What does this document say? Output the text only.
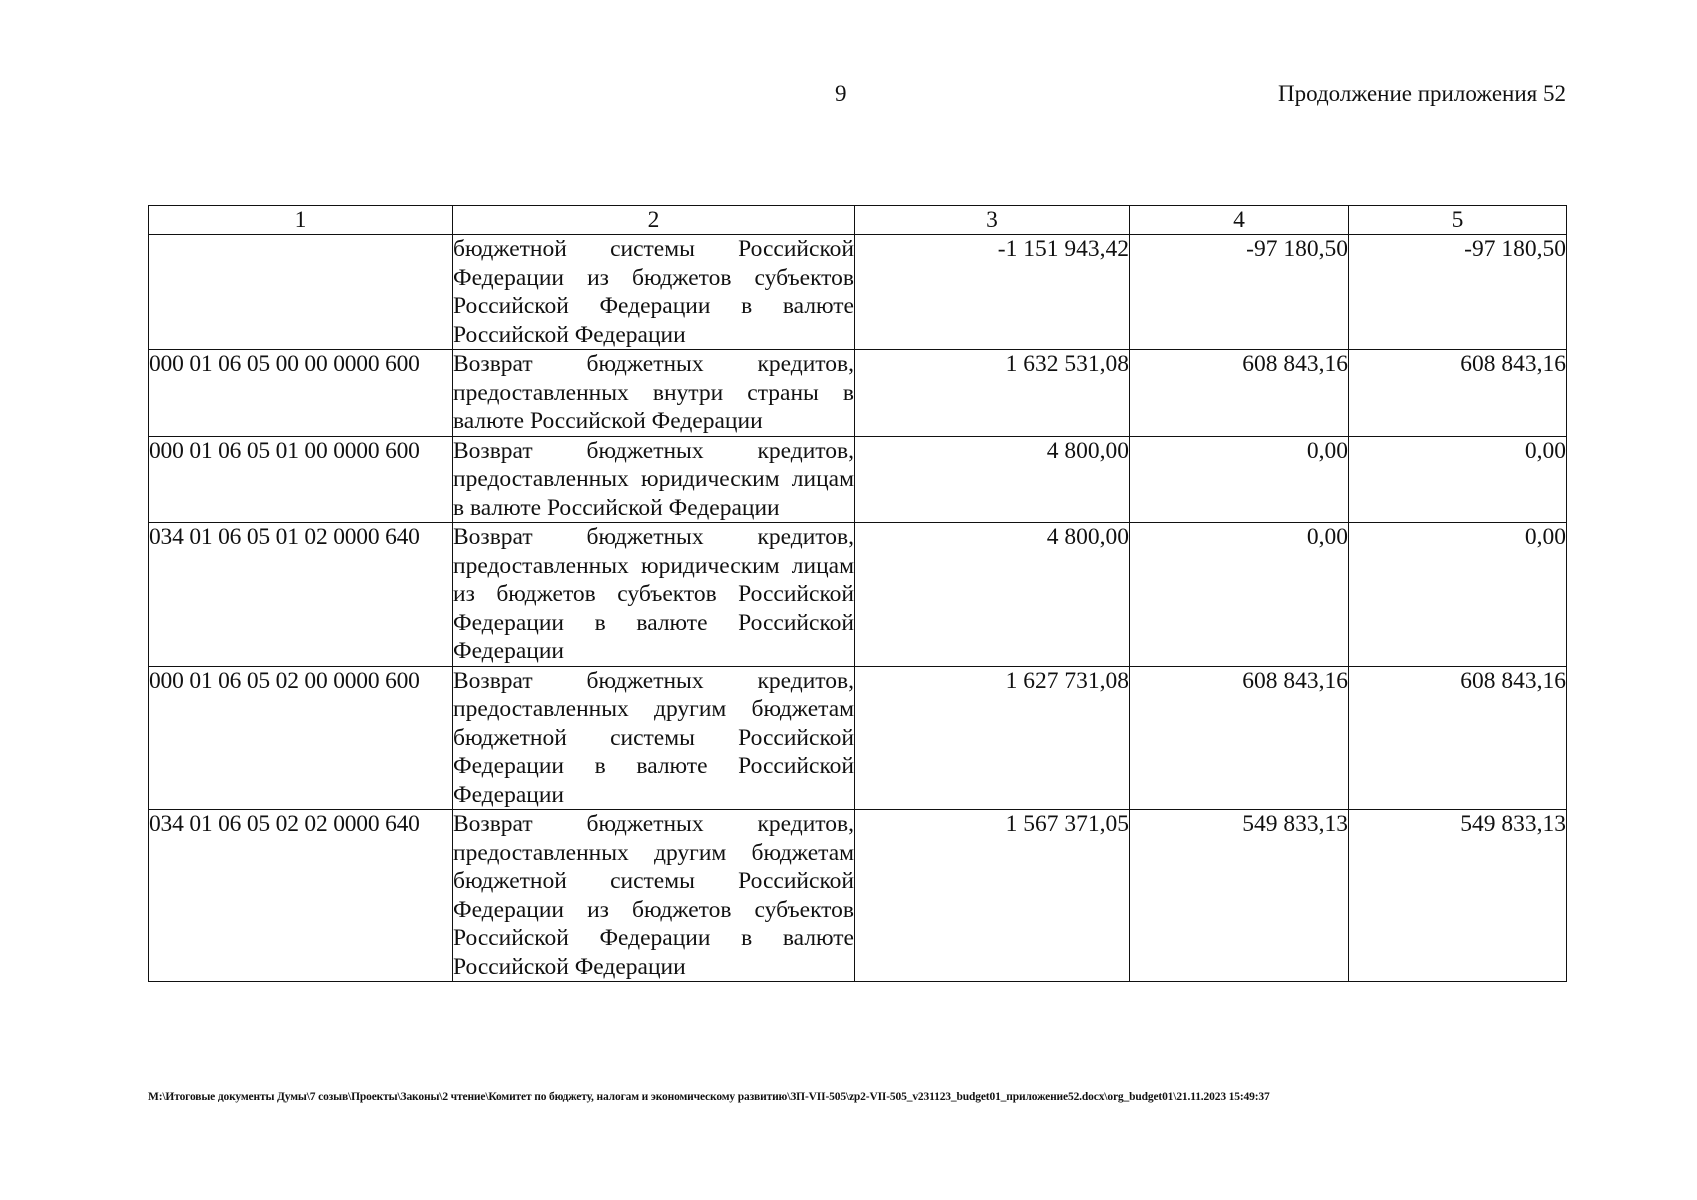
9	Продолжение приложения 52
1	2	3	4	5
	бюджетной системы Российской Федерации из бюджетов субъектов Российской Федерации в валюте Российской Федерации	-1 151 943,42	-97 180,50	-97 180,50
000 01 06 05 00 00 0000 600	Возврат бюджетных кредитов, предоставленных внутри страны в валюте Российской Федерации	1 632 531,08	608 843,16	608 843,16
000 01 06 05 01 00 0000 600	Возврат бюджетных кредитов, предоставленных юридическим лицам в валюте Российской Федерации	4 800,00	0,00	0,00
034 01 06 05 01 02 0000 640	Возврат бюджетных кредитов, предоставленных юридическим лицам из бюджетов субъектов Российской Федерации в валюте Российской Федерации	4 800,00	0,00	0,00
000 01 06 05 02 00 0000 600	Возврат бюджетных кредитов, предоставленных другим бюджетам бюджетной системы Российской Федерации в валюте Российской Федерации	1 627 731,08	608 843,16	608 843,16
034 01 06 05 02 02 0000 640	Возврат бюджетных кредитов, предоставленных другим бюджетам бюджетной системы Российской Федерации из бюджетов субъектов Российской Федерации в валюте Российской Федерации	1 567 371,05	549 833,13	549 833,13
M:\Итоговые документы Думы\7 созыв\Проекты\Законы\2 чтение\Комитет по бюджету, налогам и экономическому развитию\ЗП-VII-505\zp2-VII-505_v231123_budget01_приложение52.docx\org_budget01\21.11.2023 15:49:37
